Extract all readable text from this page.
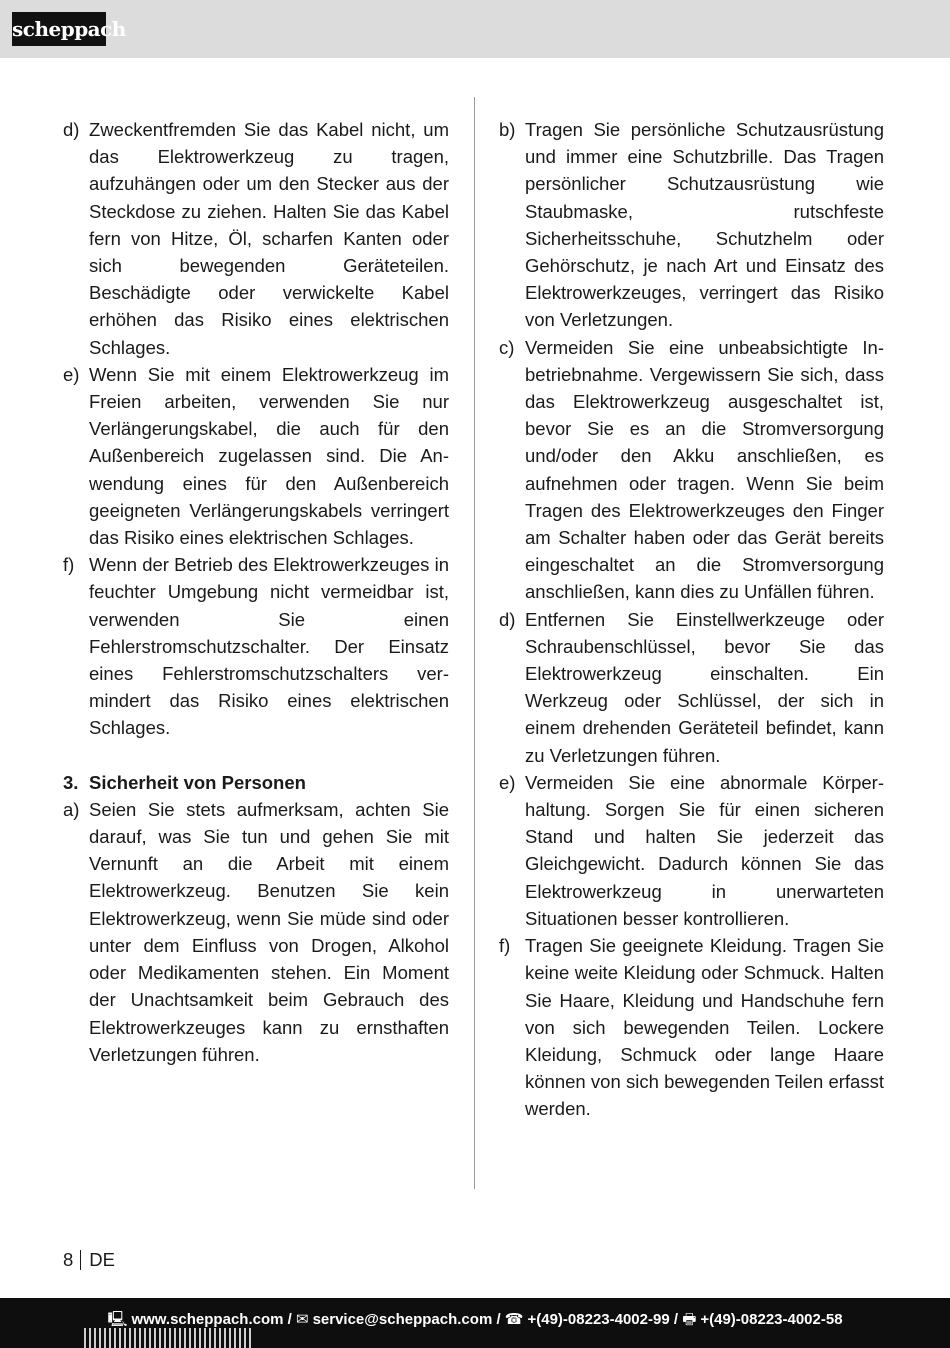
scheppach
d) Zweckentfremden Sie das Kabel nicht, um das Elektrowerkzeug zu tragen, aufzuhängen oder um den Stecker aus der Steckdose zu ziehen. Halten Sie das Kabel fern von Hitze, Öl, scharfen Kanten oder sich bewegenden Geräteteilen. Beschädigte oder verwickelte Kabel erhöhen das Risiko eines elektrischen Schlages.
e) Wenn Sie mit einem Elektrowerkzeug im Freien arbeiten, verwenden Sie nur Verlängerungskabel, die auch für den Außenbereich zugelassen sind. Die Anwendung eines für den Außenbereich geeigneten Verlängerungskabels verringert das Risiko eines elektrischen Schlages.
f) Wenn der Betrieb des Elektrowerkzeuges in feuchter Umgebung nicht vermeidbar ist, verwenden Sie einen Fehlerstromschutzschalter. Der Einsatz eines Fehlerstromschutzschalters vermindert das Risiko eines elektrischen Schlages.
3. Sicherheit von Personen
a) Seien Sie stets aufmerksam, achten Sie darauf, was Sie tun und gehen Sie mit Vernunft an die Arbeit mit einem Elektrowerkzeug. Benutzen Sie kein Elektrowerkzeug, wenn Sie müde sind oder unter dem Einfluss von Drogen, Alkohol oder Medikamenten stehen. Ein Moment der Unachtsamkeit beim Gebrauch des Elektrowerkzeuges kann zu ernsthaften Verletzungen führen.
b) Tragen Sie persönliche Schutzausrüstung und immer eine Schutzbrille. Das Tragen persönlicher Schutzausrüstung wie Staubmaske, rutschfeste Sicherheitsschuhe, Schutzhelm oder Gehörschutz, je nach Art und Einsatz des Elektrowerkzeuges, verringert das Risiko von Verletzungen.
c) Vermeiden Sie eine unbeabsichtigte Inbetriebnahme. Vergewissern Sie sich, dass das Elektrowerkzeug ausgeschaltet ist, bevor Sie es an die Stromversorgung und/oder den Akku anschließen, es aufnehmen oder tragen. Wenn Sie beim Tragen des Elektrowerkzeuges den Finger am Schalter haben oder das Gerät bereits eingeschaltet an die Stromversorgung anschließen, kann dies zu Unfällen führen.
d) Entfernen Sie Einstellwerkzeuge oder Schraubenschlüssel, bevor Sie das Elektrowerkzeug einschalten. Ein Werkzeug oder Schlüssel, der sich in einem drehenden Geräteteil befindet, kann zu Verletzungen führen.
e) Vermeiden Sie eine abnormale Körperhaltung. Sorgen Sie für einen sicheren Stand und halten Sie jederzeit das Gleichgewicht. Dadurch können Sie das Elektrowerkzeug in unerwarteten Situationen besser kontrollieren.
f) Tragen Sie geeignete Kleidung. Tragen Sie keine weite Kleidung oder Schmuck. Halten Sie Haare, Kleidung und Handschuhe fern von sich bewegenden Teilen. Lockere Kleidung, Schmuck oder lange Haare können von sich bewegenden Teilen erfasst werden.
8 DE
🖳 www.scheppach.com / ✉ service@scheppach.com / ☎ +(49)-08223-4002-99 / 🖶 +(49)-08223-4002-58
